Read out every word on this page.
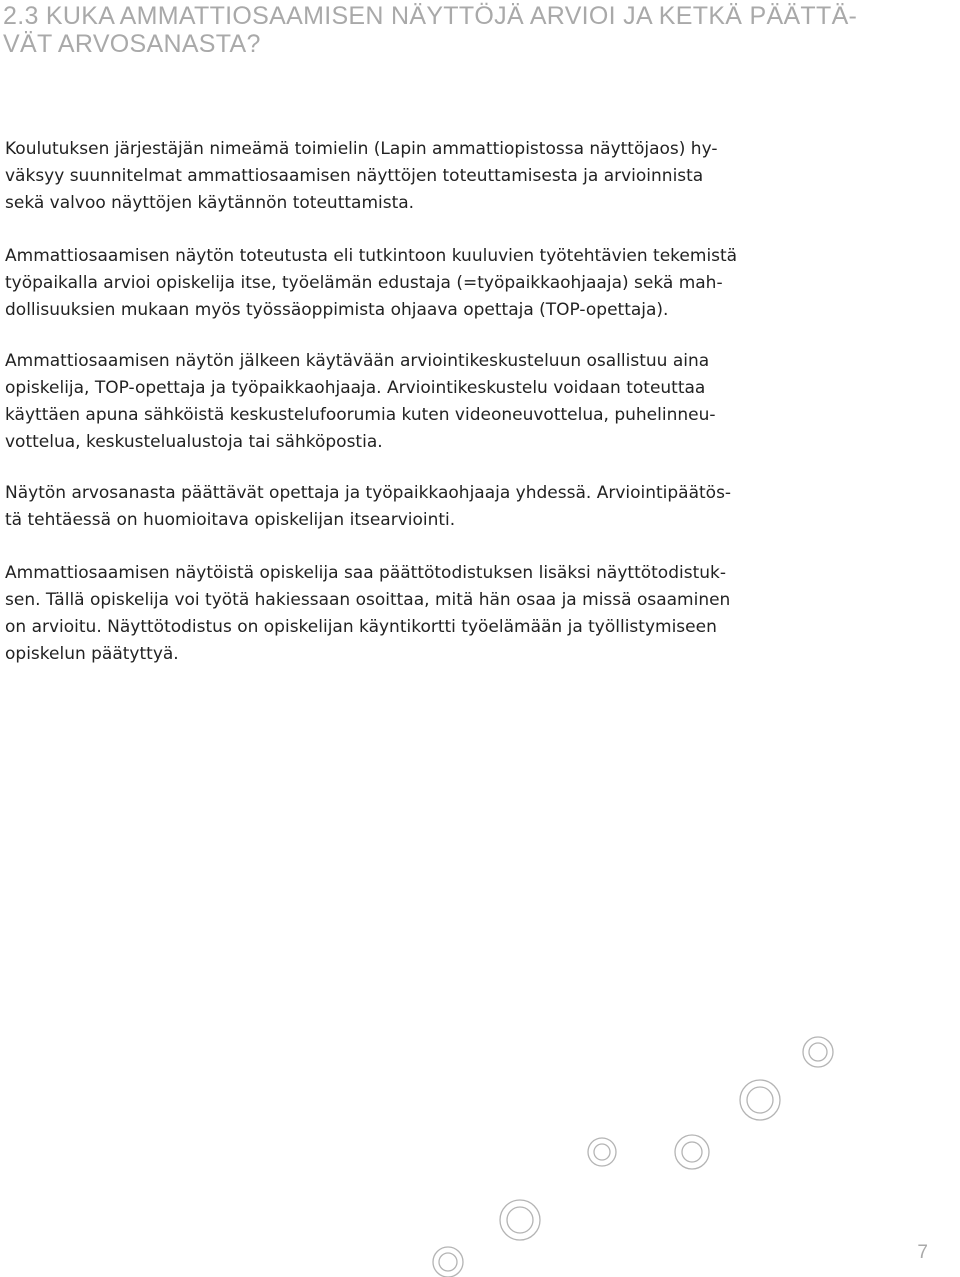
2.3 KUKA AMMATTIOSAAMISEN NÄYTTÖJÄ ARVIOI JA KETKÄ PÄÄTTÄ-
VÄT ARVOSANASTA?

Koulutuksen järjestäjän nimeämä toimielin (Lapin ammattiopistossa näyttöjaos) hy-
väksyy suunnitelmat ammattiosaamisen näyttöjen toteuttamisesta ja arvioinnista
sekä valvoo näyttöjen käytännön toteuttamista.

Ammattiosaamisen näytön toteutusta eli tutkintoon kuuluvien työtehtävien tekemistä
työpaikalla arvioi opiskelija itse, työelämän edustaja (=työpaikkaohjaaja) sekä mah-
dollisuuksien mukaan myös työssäoppimista ohjaava opettaja (TOP-opettaja).

Ammattiosaamisen näytön jälkeen käytävään arviointikeskusteluun osallistuu aina
opiskelija, TOP-opettaja ja työpaikkaohjaaja. Arviointikeskustelu voidaan toteuttaa
käyttäen apuna sähköistä keskustelufoorumia kuten videoneuvottelua, puhelinneu-
vottelua, keskustelualustoja tai sähköpostia.

Näytön arvosanasta päättävät opettaja ja työpaikkaohjaaja yhdessä. Arviointipäätös-
tä tehtäessä on huomioitava opiskelijan itsearviointi.

Ammattiosaamisen näytöistä opiskelija saa päättötodistuksen lisäksi näyttötodistuk-
sen. Tällä opiskelija voi työtä hakiessaan osoittaa, mitä hän osaa ja missä osaaminen
on arvioitu. Näyttötodistus on opiskelijan käyntikortti työelämään ja työllistymiseen
opiskelun päätyttyä.

7
